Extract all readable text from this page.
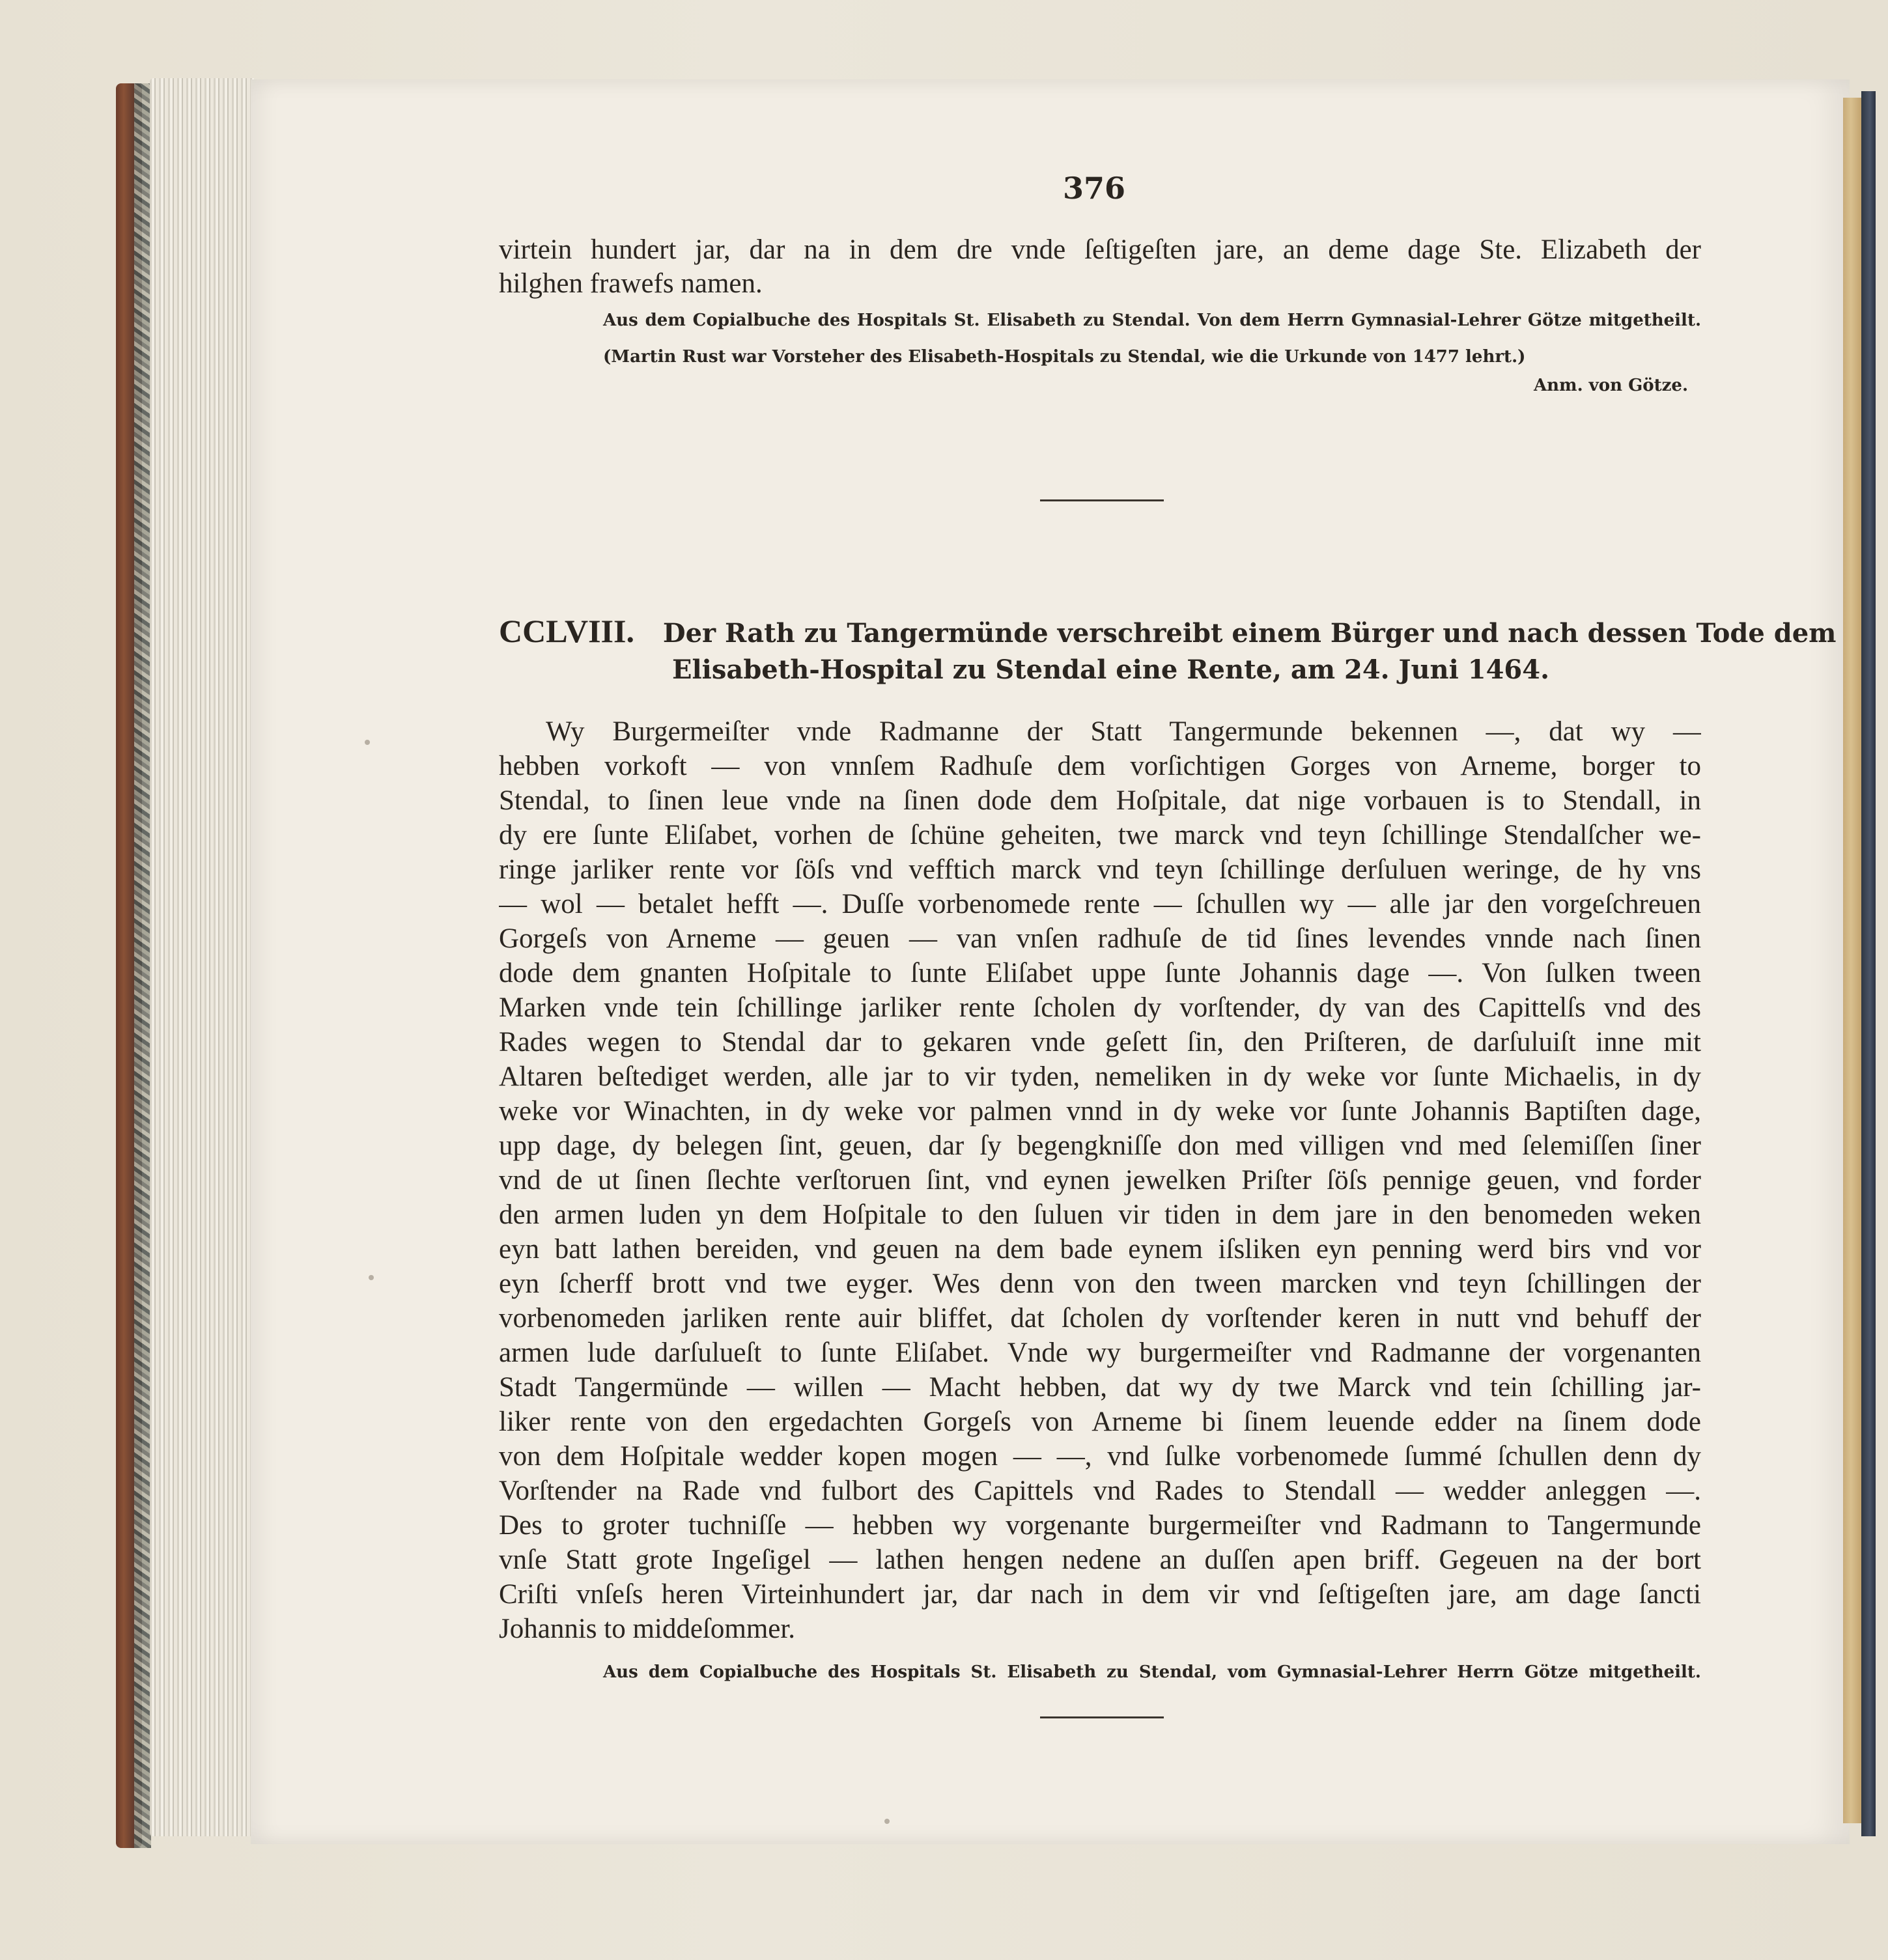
376
virtein hundert jar, dar na in dem dre vnde ſeſtigeſten jare, an deme dage Ste. Elizabeth der
hilghen frawefs namen.
Aus dem Copialbuche des Hospitals St. Elisabeth zu Stendal. Von dem Herrn Gymnasial-Lehrer Götze mitgetheilt.
(Martin Rust war Vorsteher des Elisabeth-Hospitals zu Stendal, wie die Urkunde von 1477 lehrt.)
Anm. von Götze.
CCLVIII. Der Rath zu Tangermünde verschreibt einem Bürger und nach dessen Tode dem
Elisabeth-Hospital zu Stendal eine Rente, am 24. Juni 1464.
Wy Burgermeiſter vnde Radmanne der Statt Tangermunde bekennen —, dat wy —
hebben vorkoft — von vnnſem Radhuſe dem vorſichtigen Gorges von Arneme, borger to
Stendal, to ſinen leue vnde na ſinen dode dem Hoſpitale, dat nige vorbauen is to Stendall, in
dy ere ſunte Eliſabet, vorhen de ſchüne geheiten, twe marck vnd teyn ſchillinge Stendalſcher we-
ringe jarliker rente vor ſöſs vnd vefftich marck vnd teyn ſchillinge derſuluen weringe, de hy vns
— wol — betalet hefft —. Duſſe vorbenomede rente — ſchullen wy — alle jar den vorgeſchreuen
Gorgeſs von Arneme — geuen — van vnſen radhuſe de tid ſines levendes vnnde nach ſinen
dode dem gnanten Hoſpitale to ſunte Eliſabet uppe ſunte Johannis dage —. Von ſulken tween
Marken vnde tein ſchillinge jarliker rente ſcholen dy vorſtender, dy van des Capittelſs vnd des
Rades wegen to Stendal dar to gekaren vnde geſett ſin, den Priſteren, de darſuluiſt inne mit
Altaren beſtediget werden, alle jar to vir tyden, nemeliken in dy weke vor ſunte Michaelis, in dy
weke vor Winachten, in dy weke vor palmen vnnd in dy weke vor ſunte Johannis Baptiſten dage,
upp dage, dy belegen ſint, geuen, dar ſy begengkniſſe don med villigen vnd med ſelemiſſen ſiner
vnd de ut ſinen ſlechte verſtoruen ſint, vnd eynen jewelken Priſter ſöſs pennige geuen, vnd forder
den armen luden yn dem Hoſpitale to den ſuluen vir tiden in dem jare in den benomeden weken
eyn batt lathen bereiden, vnd geuen na dem bade eynem iſsliken eyn penning werd birs vnd vor
eyn ſcherff brott vnd twe eyger. Wes denn von den tween marcken vnd teyn ſchillingen der
vorbenomeden jarliken rente auir bliffet, dat ſcholen dy vorſtender keren in nutt vnd behuff der
armen lude darſulueſt to ſunte Eliſabet. Vnde wy burgermeiſter vnd Radmanne der vorgenanten
Stadt Tangermünde — willen — Macht hebben, dat wy dy twe Marck vnd tein ſchilling jar-
liker rente von den ergedachten Gorgeſs von Arneme bi ſinem leuende edder na ſinem dode
von dem Hoſpitale wedder kopen mogen — —, vnd ſulke vorbenomede ſummé ſchullen denn dy
Vorſtender na Rade vnd fulbort des Capittels vnd Rades to Stendall — wedder anleggen —.
Des to groter tuchniſſe — hebben wy vorgenante burgermeiſter vnd Radmann to Tangermunde
vnſe Statt grote Ingeſigel — lathen hengen nedene an duſſen apen briff. Gegeuen na der bort
Criſti vnſeſs heren Virteinhundert jar, dar nach in dem vir vnd ſeſtigeſten jare, am dage ſancti
Johannis to middeſommer.
Aus dem Copialbuche des Hospitals St. Elisabeth zu Stendal, vom Gymnasial-Lehrer Herrn Götze mitgetheilt.
